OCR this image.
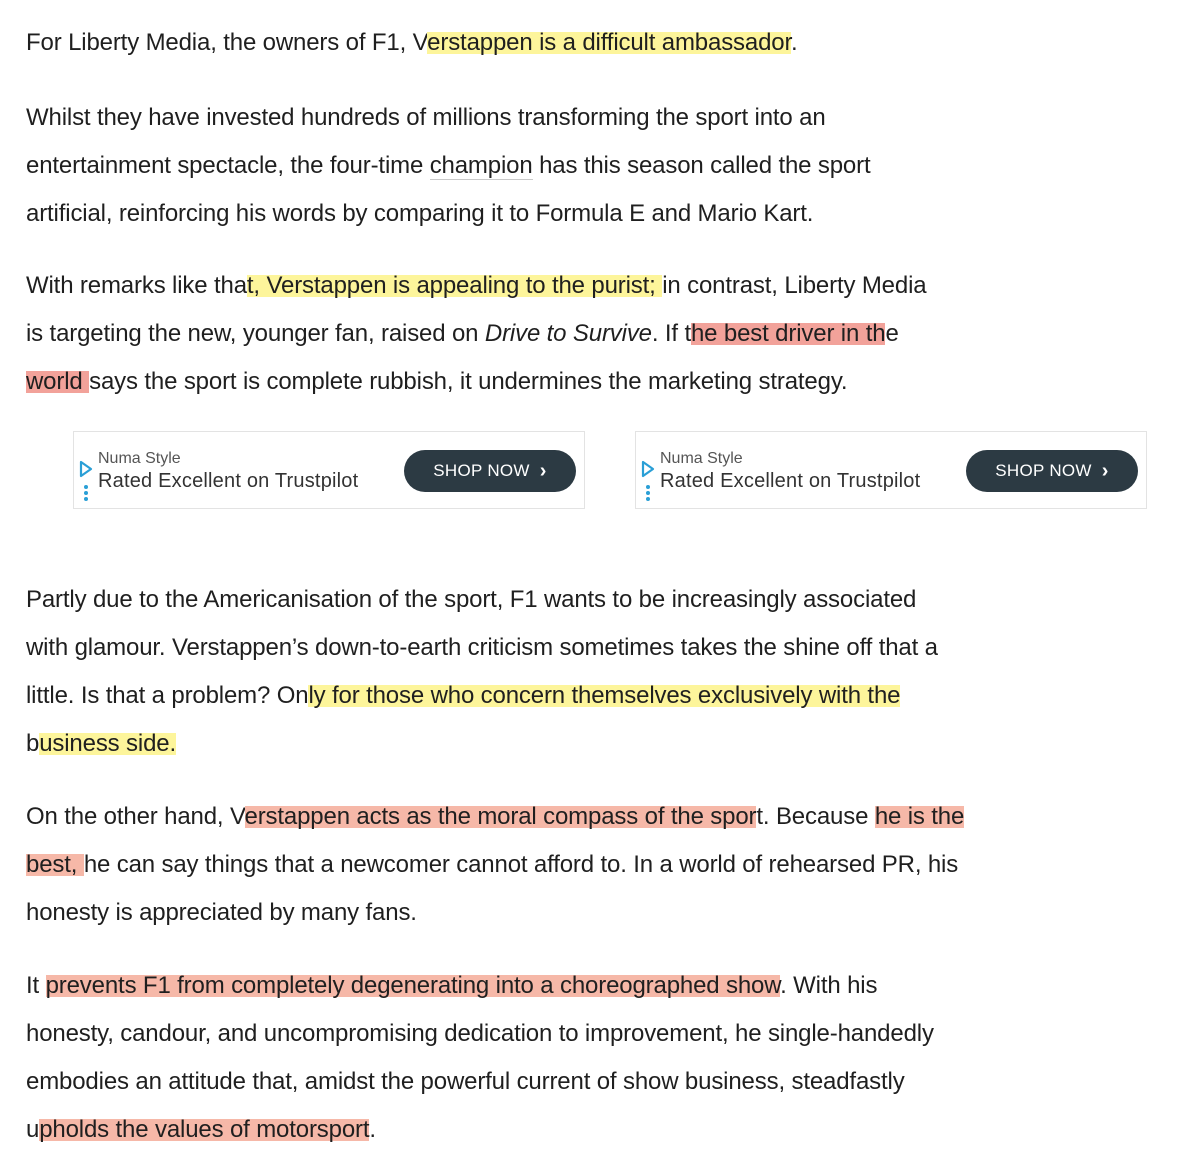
For Liberty Media, the owners of F1, Verstappen is a difficult ambassador.

Whilst they have invested hundreds of millions transforming the sport into an

entertainment spectacle, the four-time champion has this season called the sport

artificial, reinforcing his words by comparing it to Formula E and Mario Kart.

With remarks like that, Verstappen is appealing to the purist; in contrast, Liberty Media

is targeting the new, younger fan, raised on Drive to Survive. If the best driver in the

world says the sport is complete rubbish, it undermines the marketing strategy.

Partly due to the Americanisation of the sport, F1 wants to be increasingly associated

with glamour. Verstappen’s down-to-earth criticism sometimes takes the shine off that a

little. Is that a problem? Only for those who concern themselves exclusively with the

business side.

On the other hand, Verstappen acts as the moral compass of the sport. Because he is the

best, he can say things that a newcomer cannot afford to. In a world of rehearsed PR, his

honesty is appreciated by many fans.

It prevents F1 from completely degenerating into a choreographed show. With his

honesty, candour, and uncompromising dedication to improvement, he single-handedly

embodies an attitude that, amidst the powerful current of show business, steadfastly

upholds the values of motorsport.

Numa Style
Rated Excellent on Trustpilot	SHOP NOW ›
Numa Style
Rated Excellent on Trustpilot	SHOP NOW ›
